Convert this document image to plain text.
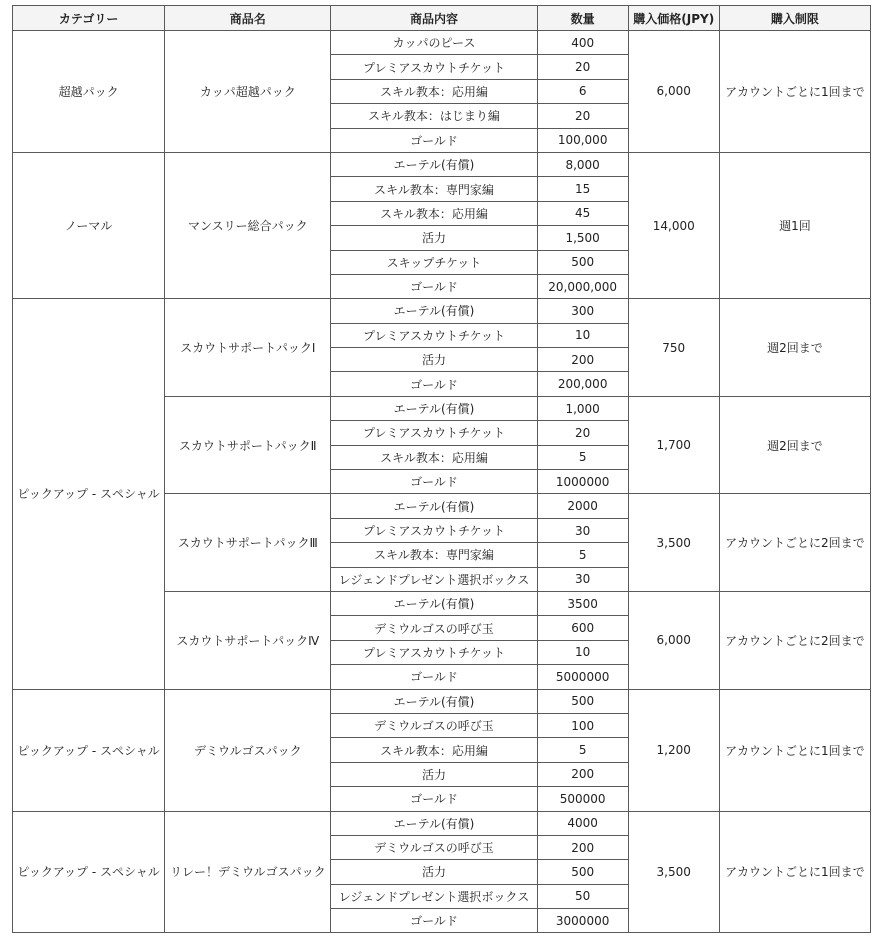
カテゴリー	商品名	商品内容	数量	購入価格(JPY)	購入制限
超越パック	カッパ超越パック	カッパのピース	400	6,000	アカウントごとに1回まで
		プレミアスカウトチケット	20		
		スキル教本：応用編	6		
		スキル教本：はじまり編	20		
		ゴールド	100,000		
ノーマル	マンスリー総合パック	エーテル(有償)	8,000	14,000	週1回
		スキル教本：専門家編	15		
		スキル教本：応用編	45		
		活力	1,500		
		スキップチケット	500		
		ゴールド	20,000,000		
ピックアップ - スペシャル	スカウトサポートパックⅠ	エーテル(有償)	300	750	週2回まで
		プレミアスカウトチケット	10		
		活力	200		
		ゴールド	200,000		
	スカウトサポートパックⅡ	エーテル(有償)	1,000	1,700	週2回まで
		プレミアスカウトチケット	20		
		スキル教本：応用編	5		
		ゴールド	1000000		
	スカウトサポートパックⅢ	エーテル(有償)	2000	3,500	アカウントごとに2回まで
		プレミアスカウトチケット	30		
		スキル教本：専門家編	5		
		レジェンドプレゼント選択ボックス	30		
	スカウトサポートパックⅣ	エーテル(有償)	3500	6,000	アカウントごとに2回まで
		デミウルゴスの呼び玉	600		
		プレミアスカウトチケット	10		
		ゴールド	5000000		
ピックアップ - スペシャル	デミウルゴスパック	エーテル(有償)	500	1,200	アカウントごとに1回まで
		デミウルゴスの呼び玉	100		
		スキル教本：応用編	5		
		活力	200		
		ゴールド	500000		
ピックアップ - スペシャル	リレー！デミウルゴスパック	エーテル(有償)	4000	3,500	アカウントごとに1回まで
		デミウルゴスの呼び玉	200		
		活力	500		
		レジェンドプレゼント選択ボックス	50		
		ゴールド	3000000		
